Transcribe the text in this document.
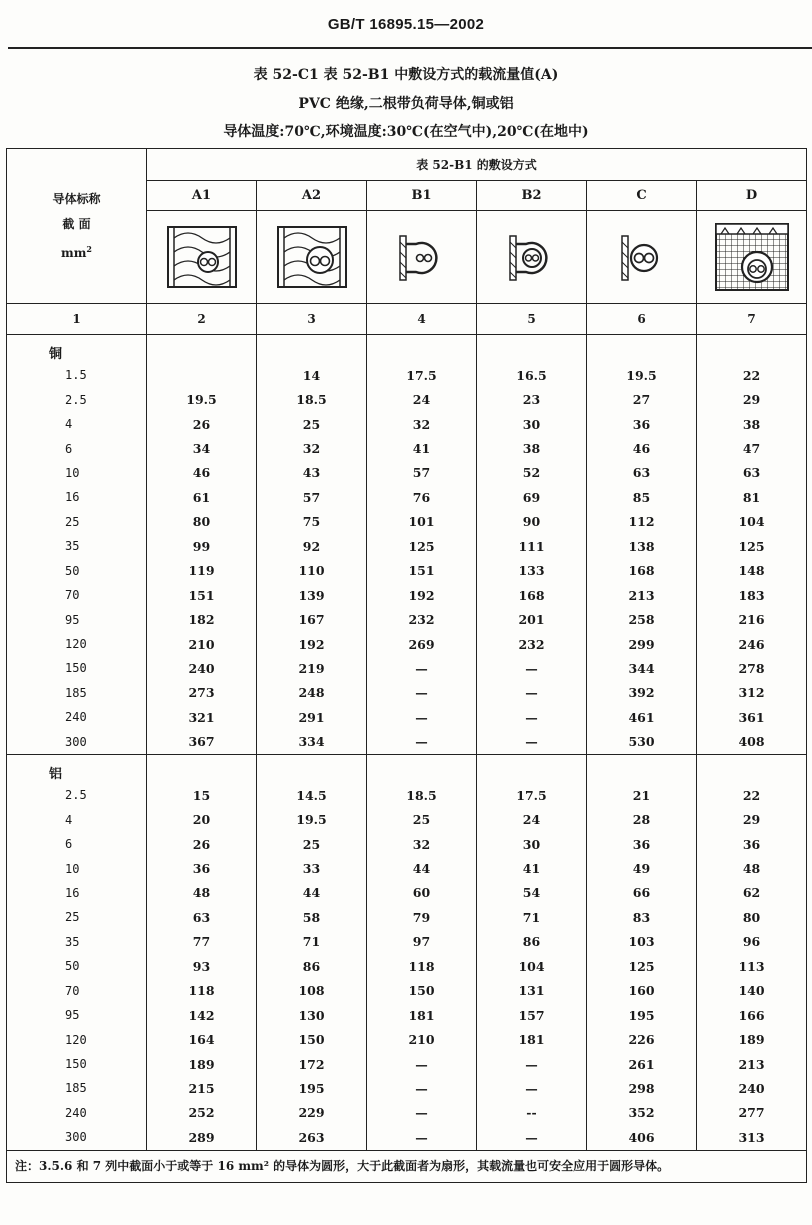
GB/T 16895.15—2002
表 52-C1 表 52-B1 中敷设方式的载流量值(A)
PVC 绝缘,二根带负荷导体,铜或铝
导体温度:70℃,环境温度:30℃(在空气中),20℃(在地中)
导体标称
截 面
$mm^2$	表 52-B1 的敷设方式					
	A1	A2	B1	B2	C	D

1	2	3	4	5	6	7
铜						
1.5		14	17.5	16.5	19.5	22
2.5	19.5	18.5	24	23	27	29
4	26	25	32	30	36	38
6	34	32	41	38	46	47
10	46	43	57	52	63	63
16	61	57	76	69	85	81
25	80	75	101	90	112	104
35	99	92	125	111	138	125
50	119	110	151	133	168	148
70	151	139	192	168	213	183
95	182	167	232	201	258	216
120	210	192	269	232	299	246
150	240	219	—	—	344	278
185	273	248	—	—	392	312
240	321	291	—	—	461	361
300	367	334	—	—	530	408
铝						
2.5	15	14.5	18.5	17.5	21	22
4	20	19.5	25	24	28	29
6	26	25	32	30	36	36
10	36	33	44	41	49	48
16	48	44	60	54	66	62
25	63	58	79	71	83	80
35	77	71	97	86	103	96
50	93	86	118	104	125	113
70	118	108	150	131	160	140
95	142	130	181	157	195	166
120	164	150	210	181	226	189
150	189	172	—	—	261	213
185	215	195	—	—	298	240
240	252	229	—	--	352	277
300	289	263	—	—	406	313
注：3.5.6 和 7 列中截面小于或等于 16 mm² 的导体为圆形，大于此截面者为扇形，其载流量也可安全应用于圆形导体。						
